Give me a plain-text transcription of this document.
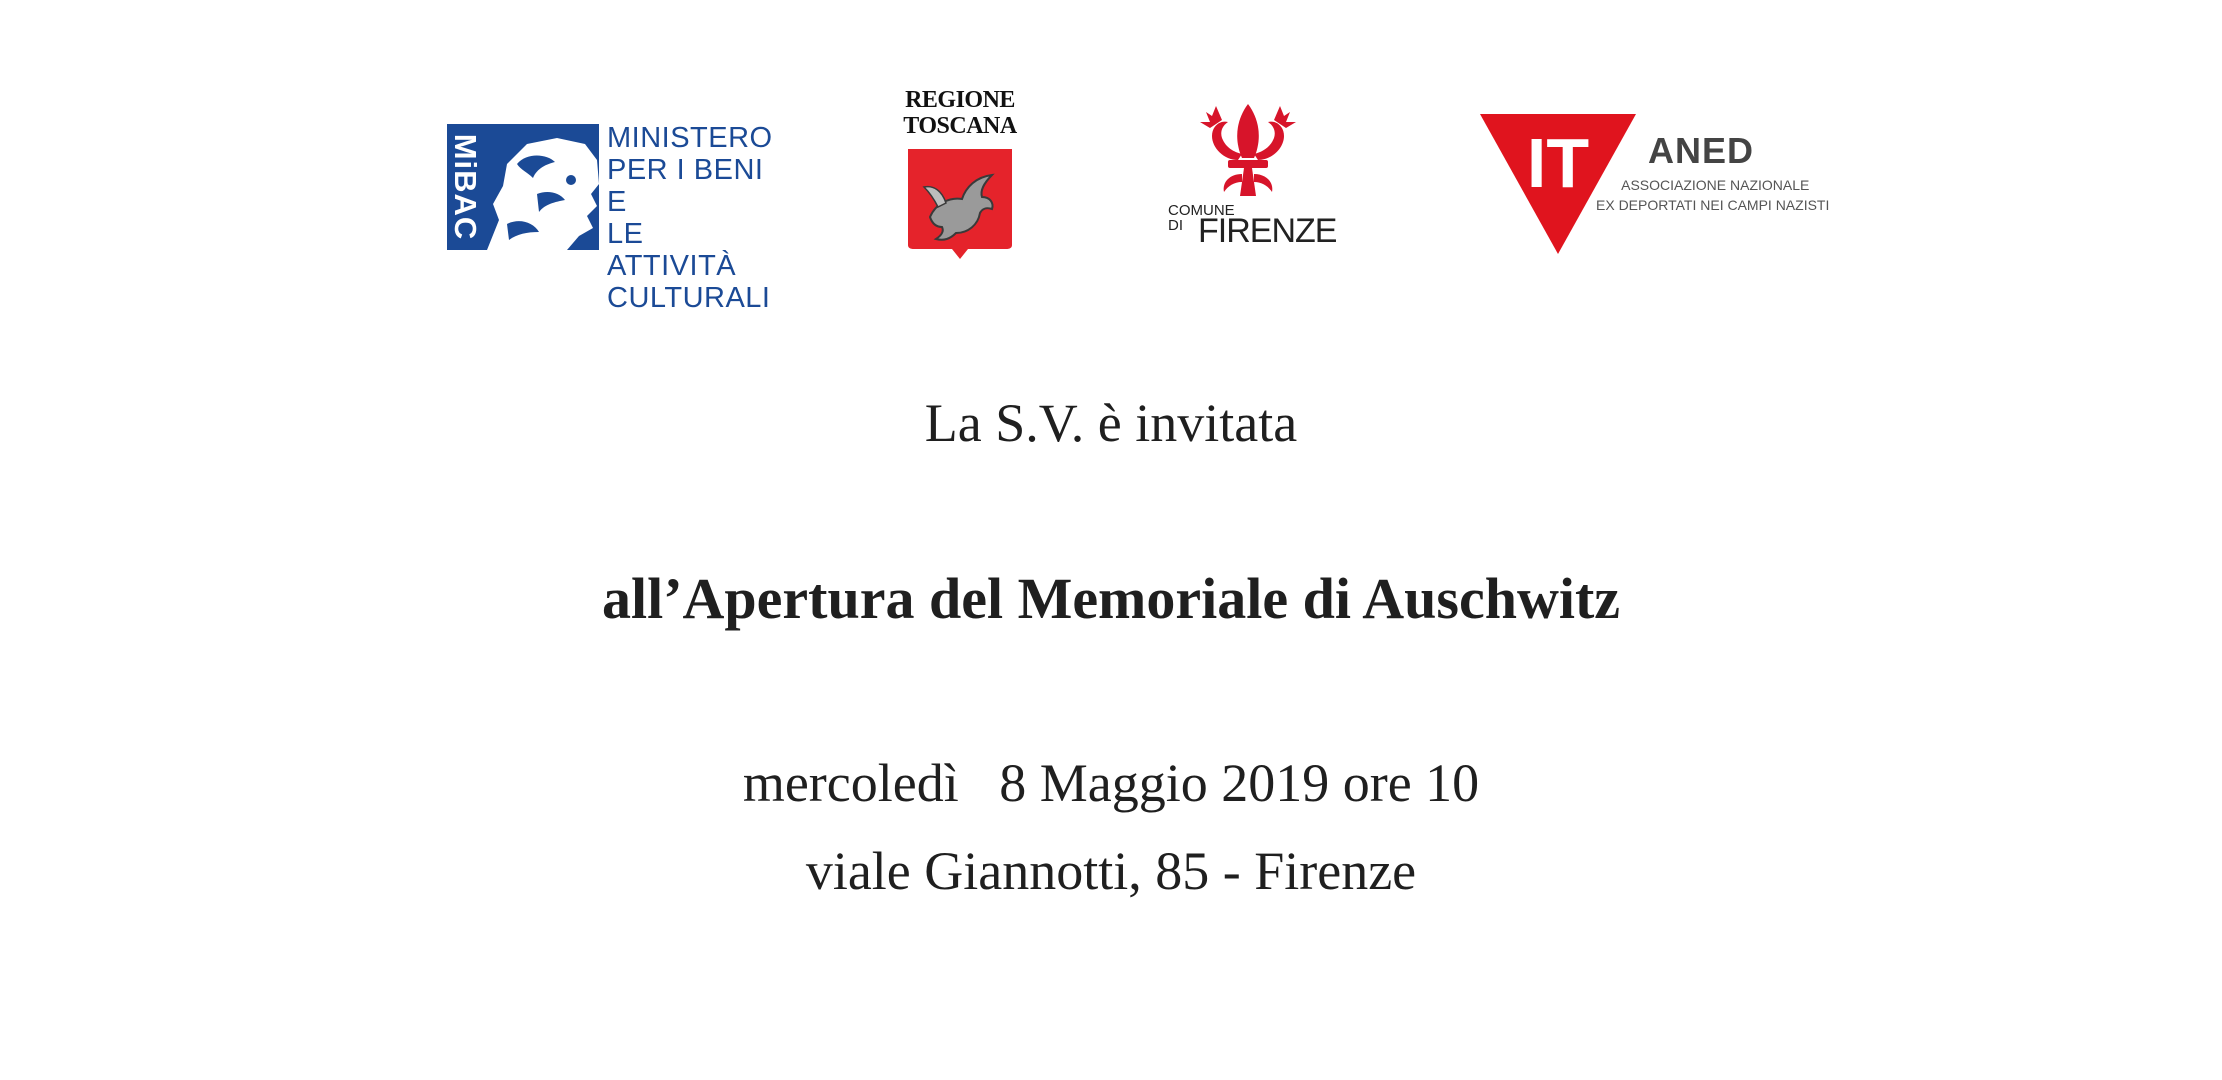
MiBAC	MINISTERO
PER I BENI E
LE ATTIVITÀ
CULTURALI
REGIONE
TOSCANA
COMUNE
DI FIRENZE
IT ANED
ASSOCIAZIONE NAZIONALE
EX DEPORTATI NEI CAMPI NAZISTI
La S.V. è invitata
all’Apertura del Memoriale di Auschwitz
mercoledì   8 Maggio 2019 ore 10
viale Giannotti, 85 - Firenze
